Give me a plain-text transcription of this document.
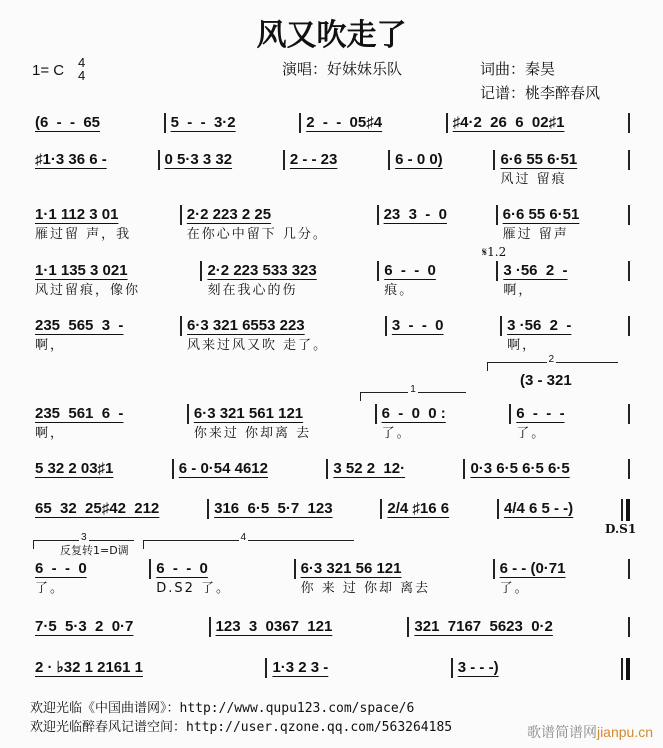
风又吹走了
1= C 4
4	演唱：好妹妹乐队	词曲：秦昊
记谱：桃李醉春风
(6  -  -  65	5  -  -  3·2	2  -  -  05♯4	♯4·2  26  6  02♯1
♯1·3 36 6 -	0 5·3 3 32	2 - - 23	6 - 0 0)	6·6 55 6·51
风过 留痕
1·1 112 3 01
雁过留 声，我
2·2 223 2 25
在你心中留下 几分。
23  3  -  0	6·6 55 6·51
雁过 留声
1·1 135 3 021
风过留痕，像你
2·2 223 533 323
刻在我心的伤
6  -  -  0
痕。
3 ·56  2  -
啊，
235  565  3  -
啊，
6·3 321 6553 223
风来过风又吹 走了。
3  -  -  0	3 ·56  2  -
啊，
235  561  6  -
啊，
6·3 321 561 121
你来过 你却离 去
6  -  0  0 :
了。
6  -  -  -
了。
5 32 2 03♯1	6 - 0·54 4612	3 52 2  12·	0·3 6·5 6·5 6·5
65  32  25♯42  212	316  6·5  5·7  123	2/4 ♯16 6	4/4 6 5 - -)
6  -  -  0
了。
6  -  -  0
D.S2 了。
6·3 321 56 121
你 来 过 你却 离去
6 - - (0·71
了。
7·5  5·3  2  0·7	123  3  0367  121	321  7167  5623  0·2
2 · ♭32 1 2161 1	1·3 2 3 -	3 - - -)
𝄋1.2
1
2
(3 - 321
D.S1
3	4
反复转1=D调
欢迎光临《中国曲谱网》：http://www.qupu123.com/space/6
欢迎光临醉春风记谱空间：http://user.qzone.qq.com/563264185	歌谱简谱网jianpu.cn
